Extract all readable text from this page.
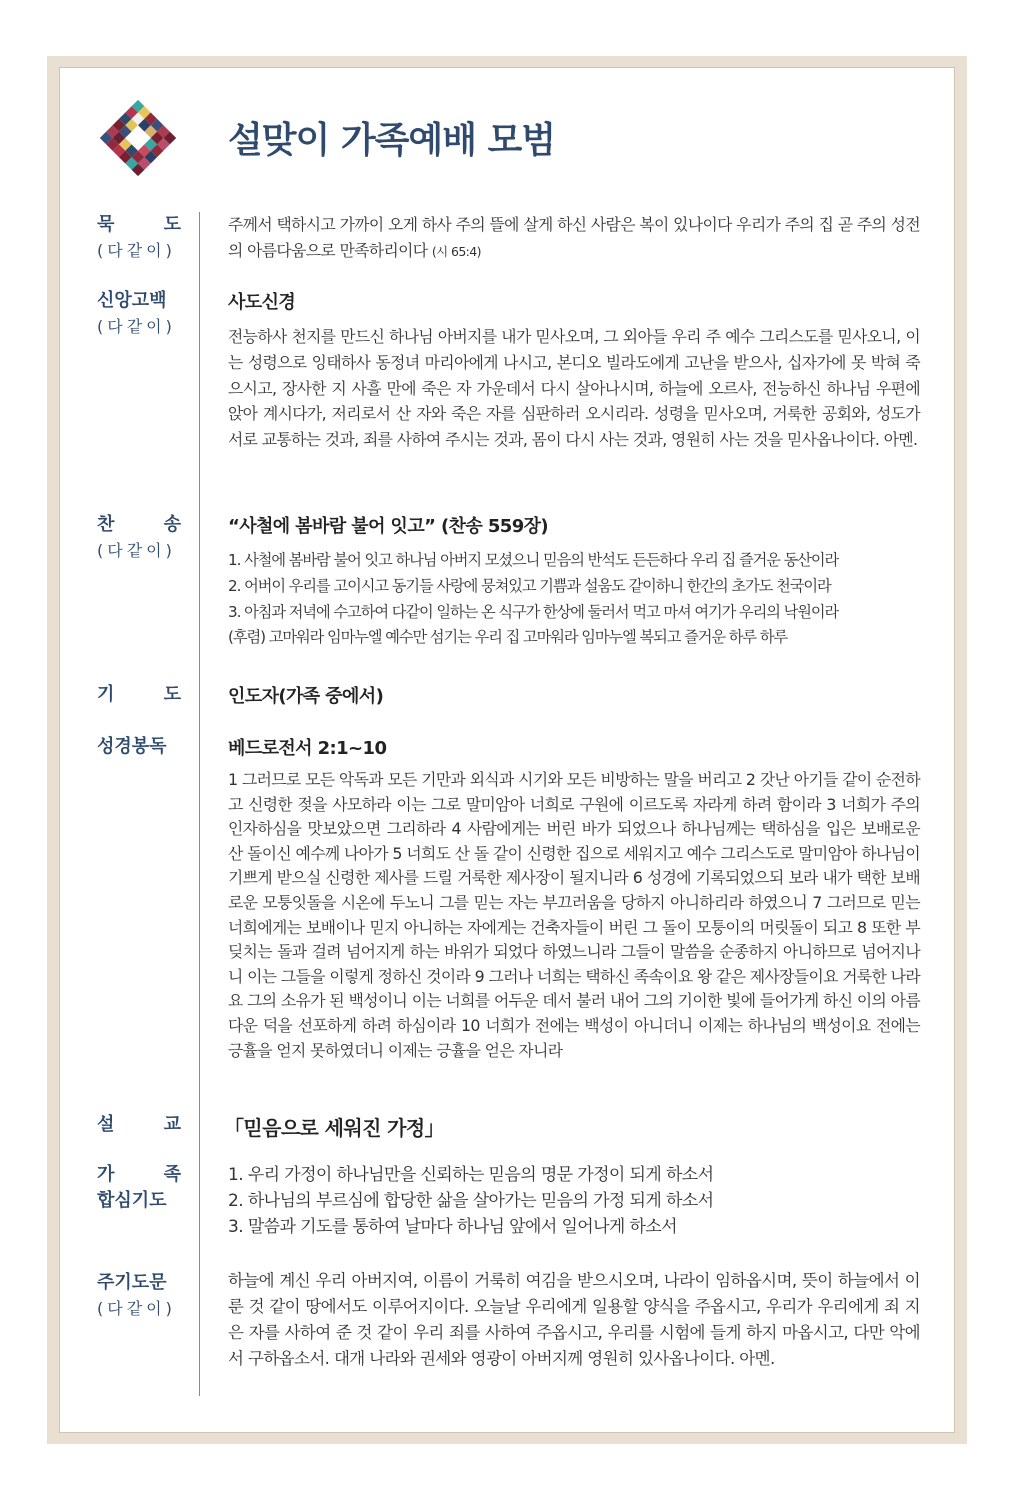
설맞이 가족예배 모범
묵	도
(다같이)
주께서 택하시고 가까이 오게 하사 주의 뜰에 살게 하신 사람은 복이 있나이다 우리가 주의 집 곧 주의 성전의 아름다움으로 만족하리이다 (시 65:4)
신앙고백
(다같이)
사도신경
전능하사 천지를 만드신 하나님 아버지를 내가 믿사오며, 그 외아들 우리 주 예수 그리스도를 믿사오니, 이는 성령으로 잉태하사 동정녀 마리아에게 나시고, 본디오 빌라도에게 고난을 받으사, 십자가에 못 박혀 죽으시고, 장사한 지 사흘 만에 죽은 자 가운데서 다시 살아나시며, 하늘에 오르사, 전능하신 하나님 우편에 앉아 계시다가, 저리로서 산 자와 죽은 자를 심판하러 오시리라. 성령을 믿사오며, 거룩한 공회와, 성도가 서로 교통하는 것과, 죄를 사하여 주시는 것과, 몸이 다시 사는 것과, 영원히 사는 것을 믿사옵나이다. 아멘.
찬	송
(다같이)
“사철에 봄바람 불어 잇고” (찬송 559장)
1. 사철에 봄바람 불어 잇고 하나님 아버지 모셨으니 믿음의 반석도 든든하다 우리 집 즐거운 동산이라
2. 어버이 우리를 고이시고 동기들 사랑에 뭉쳐있고 기쁨과 설움도 같이하니 한간의 초가도 천국이라
3. 아침과 저녁에 수고하여 다같이 일하는 온 식구가 한상에 둘러서 먹고 마셔 여기가 우리의 낙원이라
(후렴) 고마워라 임마누엘 예수만 섬기는 우리 집 고마워라 임마누엘 복되고 즐거운 하루 하루
기	도	인도자(가족 중에서)
성경봉독	베드로전서 2:1~10
1 그러므로 모든 악독과 모든 기만과 외식과 시기와 모든 비방하는 말을 버리고 2 갓난 아기들 같이 순전하고 신령한 젖을 사모하라 이는 그로 말미암아 너희로 구원에 이르도록 자라게 하려 함이라 3 너희가 주의 인자하심을 맛보았으면 그리하라 4 사람에게는 버린 바가 되었으나 하나님께는 택하심을 입은 보배로운 산 돌이신 예수께 나아가 5 너희도 산 돌 같이 신령한 집으로 세워지고 예수 그리스도로 말미암아 하나님이 기쁘게 받으실 신령한 제사를 드릴 거룩한 제사장이 될지니라 6 성경에 기록되었으되 보라 내가 택한 보배로운 모퉁잇돌을 시온에 두노니 그를 믿는 자는 부끄러움을 당하지 아니하리라 하였으니 7 그러므로 믿는 너희에게는 보배이나 믿지 아니하는 자에게는 건축자들이 버린 그 돌이 모퉁이의 머릿돌이 되고 8 또한 부딪치는 돌과 걸려 넘어지게 하는 바위가 되었다 하였느니라 그들이 말씀을 순종하지 아니하므로 넘어지나니 이는 그들을 이렇게 정하신 것이라 9 그러나 너희는 택하신 족속이요 왕 같은 제사장들이요 거룩한 나라요 그의 소유가 된 백성이니 이는 너희를 어두운 데서 불러 내어 그의 기이한 빛에 들어가게 하신 이의 아름다운 덕을 선포하게 하려 하심이라 10 너희가 전에는 백성이 아니더니 이제는 하나님의 백성이요 전에는 긍휼을 얻지 못하였더니 이제는 긍휼을 얻은 자니라
설	교 「믿음으로 세워진 가정」
가	족
합심기도
1. 우리 가정이 하나님만을 신뢰하는 믿음의 명문 가정이 되게 하소서
2. 하나님의 부르심에 합당한 삶을 살아가는 믿음의 가정 되게 하소서
3. 말씀과 기도를 통하여 날마다 하나님 앞에서 일어나게 하소서
주기도문
(다같이)
하늘에 계신 우리 아버지여, 이름이 거룩히 여김을 받으시오며, 나라이 임하옵시며, 뜻이 하늘에서 이룬 것 같이 땅에서도 이루어지이다. 오늘날 우리에게 일용할 양식을 주옵시고, 우리가 우리에게 죄 지은 자를 사하여 준 것 같이 우리 죄를 사하여 주옵시고, 우리를 시험에 들게 하지 마옵시고, 다만 악에서 구하옵소서. 대개 나라와 권세와 영광이 아버지께 영원히 있사옵나이다. 아멘.
